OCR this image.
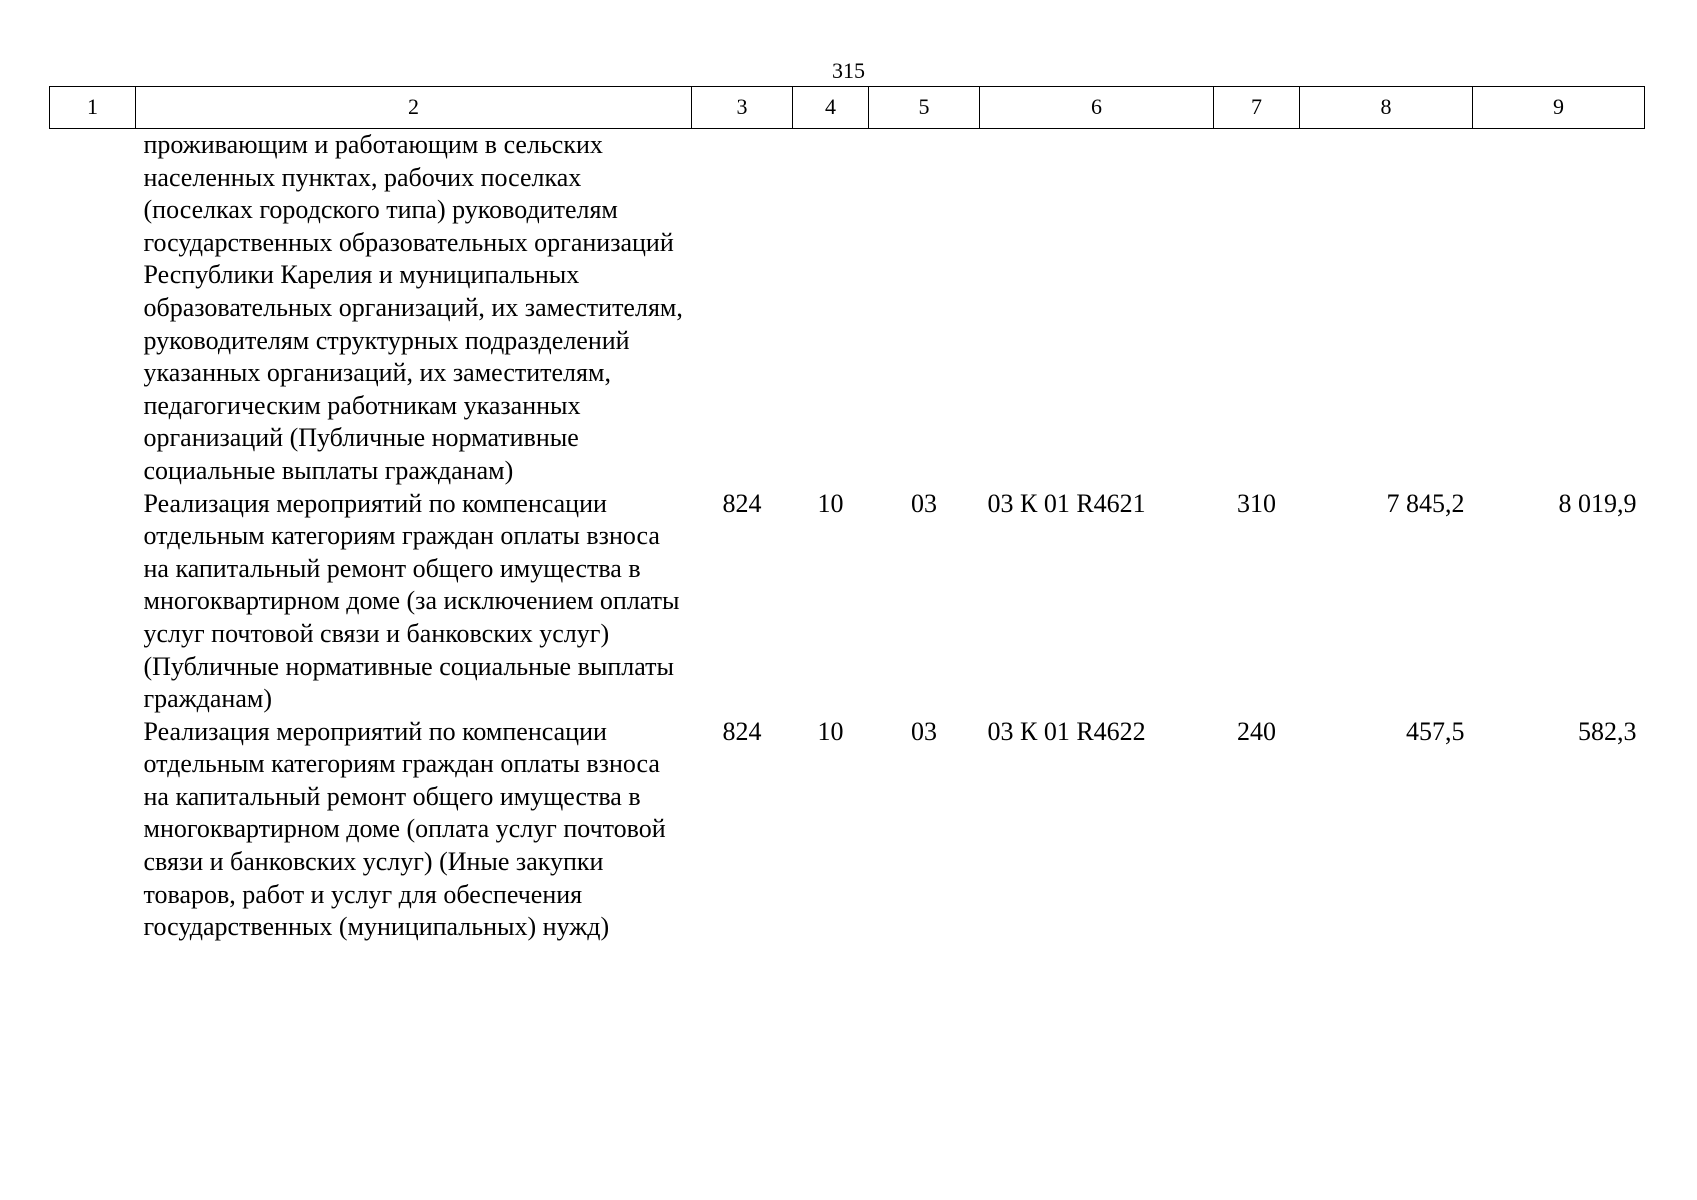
315
1	2	3	4	5	6	7	8	9
проживающим и работающим в сельских населенных пунктах, рабочих поселках (поселках городского типа) руководителям государственных образовательных организаций Республики Карелия и муниципальных образовательных организаций, их заместителям, руководителям структурных подразделений указанных организаций, их заместителям, педагогическим работникам указанных организаций (Публичные нормативные социальные выплаты гражданам)								
Реализация мероприятий по компенсации отдельным категориям граждан оплаты взноса на капитальный ремонт общего имущества в многоквартирном доме (за исключением оплаты услуг почтовой связи и банковских услуг) (Публичные нормативные социальные выплаты гражданам)		824	10	03	03 К 01 R4621	310	7 845,2	8 019,9
Реализация мероприятий по компенсации отдельным категориям граждан оплаты взноса на капитальный ремонт общего имущества в многоквартирном доме (оплата услуг почтовой связи и банковских услуг) (Иные закупки товаров, работ и услуг для обеспечения государственных (муниципальных) нужд)		824	10	03	03 К 01 R4622	240	457,5	582,3
